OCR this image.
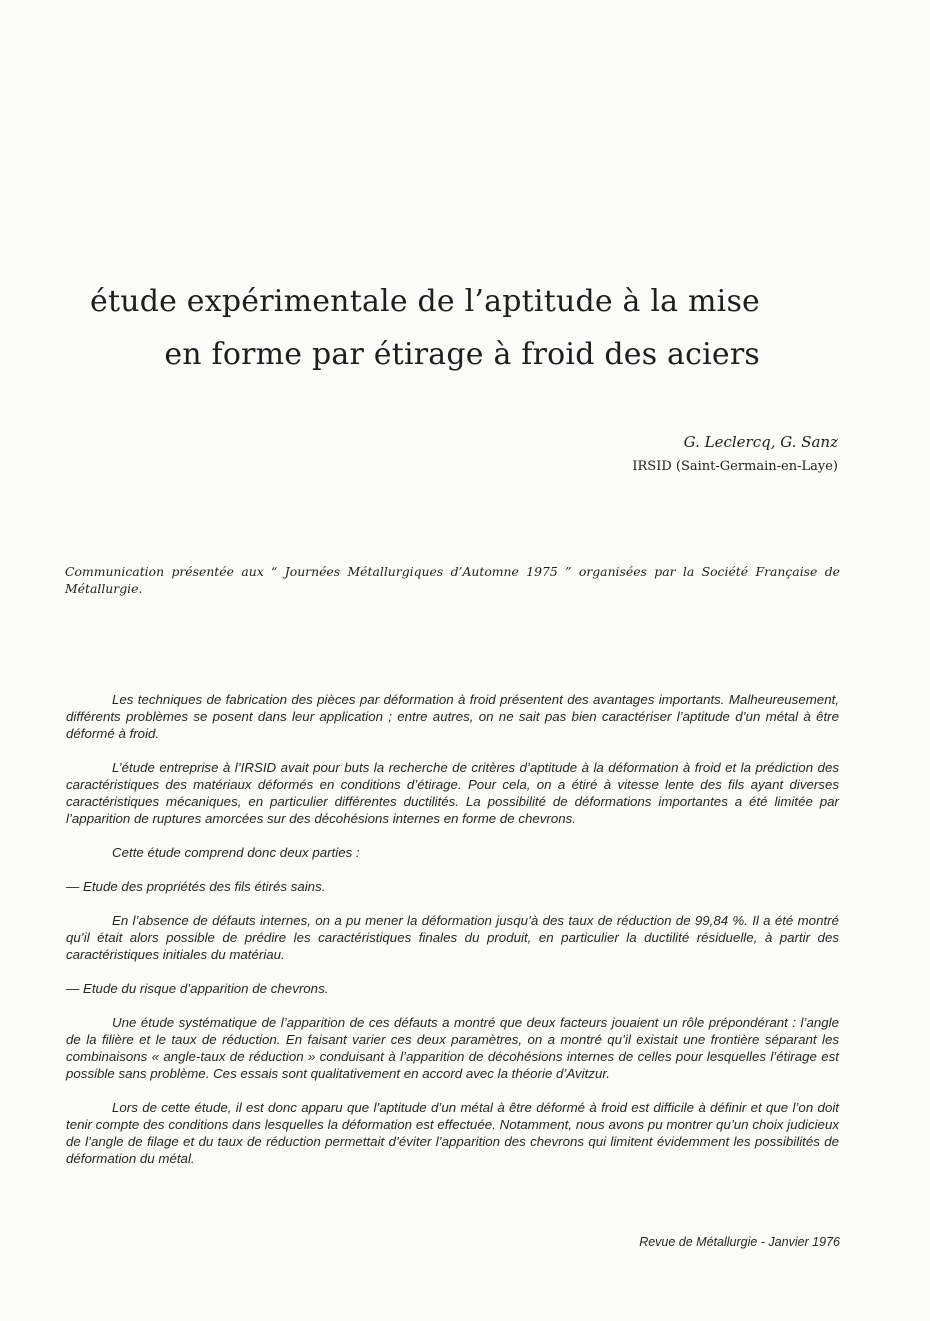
étude expérimentale de l’aptitude à la mise
en forme par étirage à froid des aciers
G. Leclercq, G. Sanz
IRSID (Saint-Germain-en-Laye)

Communication présentée aux “ Journées Métallurgiques d’Automne 1975 ” organisées par la Société Française de Métallurgie.

Les techniques de fabrication des pièces par déformation à froid présentent des avantages importants. Malheureusement, différents problèmes se posent dans leur application ; entre autres, on ne sait pas bien caractériser l’aptitude d’un métal à être déformé à froid.

L’étude entreprise à l’IRSID avait pour buts la recherche de critères d’aptitude à la déformation à froid et la prédiction des caractéristiques des matériaux déformés en conditions d’étirage. Pour cela, on a étiré à vitesse lente des fils ayant diverses caractéristiques mécaniques, en particulier différentes ductilités. La possibilité de déformations importantes a été limitée par l’apparition de ruptures amorcées sur des décohésions internes en forme de chevrons.

Cette étude comprend donc deux parties :

— Etude des propriétés des fils étirés sains.

En l’absence de défauts internes, on a pu mener la déformation jusqu’à des taux de réduction de 99,84 %. Il a été montré qu’il était alors possible de prédire les caractéristiques finales du produit, en particulier la ductilité résiduelle, à partir des caractéristiques initiales du matériau.

— Etude du risque d’apparition de chevrons.

Une étude systématique de l’apparition de ces défauts a montré que deux facteurs jouaient un rôle prépondérant : l’angle de la filière et le taux de réduction. En faisant varier ces deux paramètres, on a montré qu’il existait une frontière séparant les combinaisons « angle-taux de réduction » conduisant à l’apparition de décohésions internes de celles pour lesquelles l’étirage est possible sans problème. Ces essais sont qualitativement en accord avec la théorie d’Avitzur.

Lors de cette étude, il est donc apparu que l’aptitude d’un métal à être déformé à froid est difficile à définir et que l’on doit tenir compte des conditions dans lesquelles la déformation est effectuée. Notamment, nous avons pu montrer qu’un choix judicieux de l’angle de filage et du taux de réduction permettait d’éviter l’apparition des chevrons qui limitent évidemment les possibilités de déformation du métal.

Revue de Métallurgie - Janvier 1976
